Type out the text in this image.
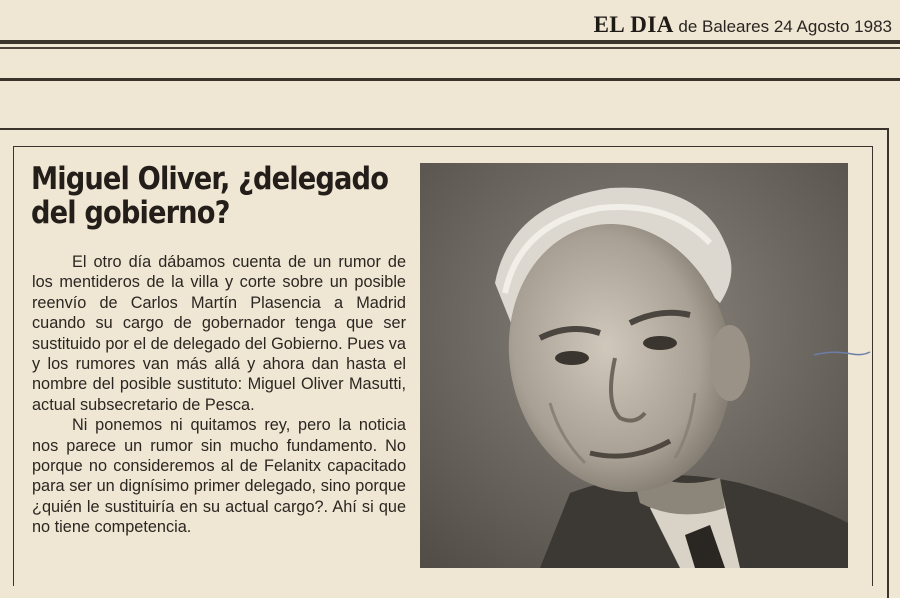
EL DIA de Baleares 24 Agosto 1983
Miguel Oliver, ¿delegado del gobierno?

El otro día dábamos cuenta de un rumor de los mentideros de la villa y corte sobre un posible reenvío de Carlos Martín Plasencia a Madrid cuando su cargo de gobernador tenga que ser sustituido por el de delegado del Gobierno. Pues va y los rumores van más allá y ahora dan hasta el nombre del posible sustituto: Miguel Oliver Masutti, actual subsecretario de Pesca.

Ni ponemos ni quitamos rey, pero la noticia nos parece un rumor sin mucho fundamento. No porque no consideremos al de Felanitx capacitado para ser un dignísimo primer delegado, sino porque ¿quién le sustituiría en su actual cargo?. Ahí si que no tiene competencia.
